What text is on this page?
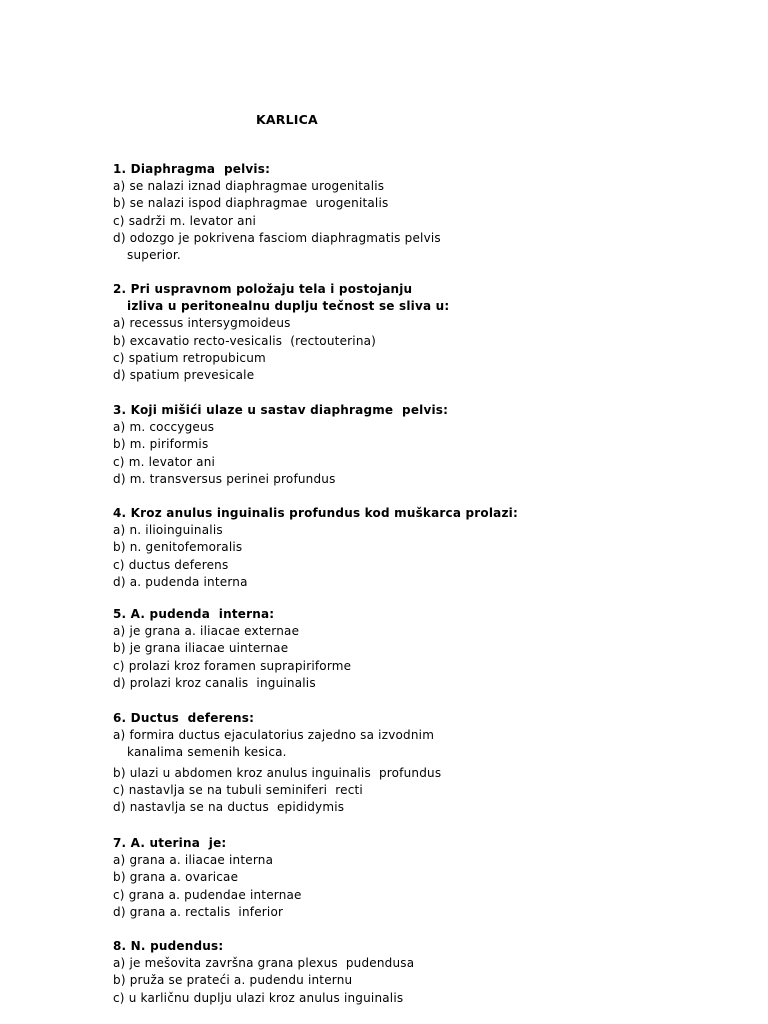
KARLICA
1. Diaphragma  pelvis:
a) se nalazi iznad diaphragmae urogenitalis
b) se nalazi ispod diaphragmae  urogenitalis
c) sadrži m. levator ani
d) odozgo je pokrivena fasciom diaphragmatis pelvis
superior.
2. Pri uspravnom položaju tela i postojanju
izliva u peritonealnu duplju tečnost se sliva u:
a) recessus intersygmoideus
b) excavatio recto-vesicalis  (rectouterina)
c) spatium retropubicum
d) spatium prevesicale
3. Koji mišići ulaze u sastav diaphragme  pelvis:
a) m. coccygeus
b) m. piriformis
c) m. levator ani
d) m. transversus perinei profundus
4. Kroz anulus inguinalis profundus kod muškarca prolazi:
a) n. ilioinguinalis
b) n. genitofemoralis
c) ductus deferens
d) a. pudenda interna
5. A. pudenda  interna:
a) je grana a. iliacae externae
b) je grana iliacae uinternae
c) prolazi kroz foramen suprapiriforme
d) prolazi kroz canalis  inguinalis
6. Ductus  deferens:
a) formira ductus ejaculatorius zajedno sa izvodnim
kanalima semenih kesica.
b) ulazi u abdomen kroz anulus inguinalis  profundus
c) nastavlja se na tubuli seminiferi  recti
d) nastavlja se na ductus  epididymis
7. A. uterina  je:
a) grana a. iliacae interna
b) grana a. ovaricae
c) grana a. pudendae internae
d) grana a. rectalis  inferior
8. N. pudendus:
a) je mešovita završna grana plexus  pudendusa
b) pruža se prateći a. pudendu internu
c) u karličnu duplju ulazi kroz anulus inguinalis
